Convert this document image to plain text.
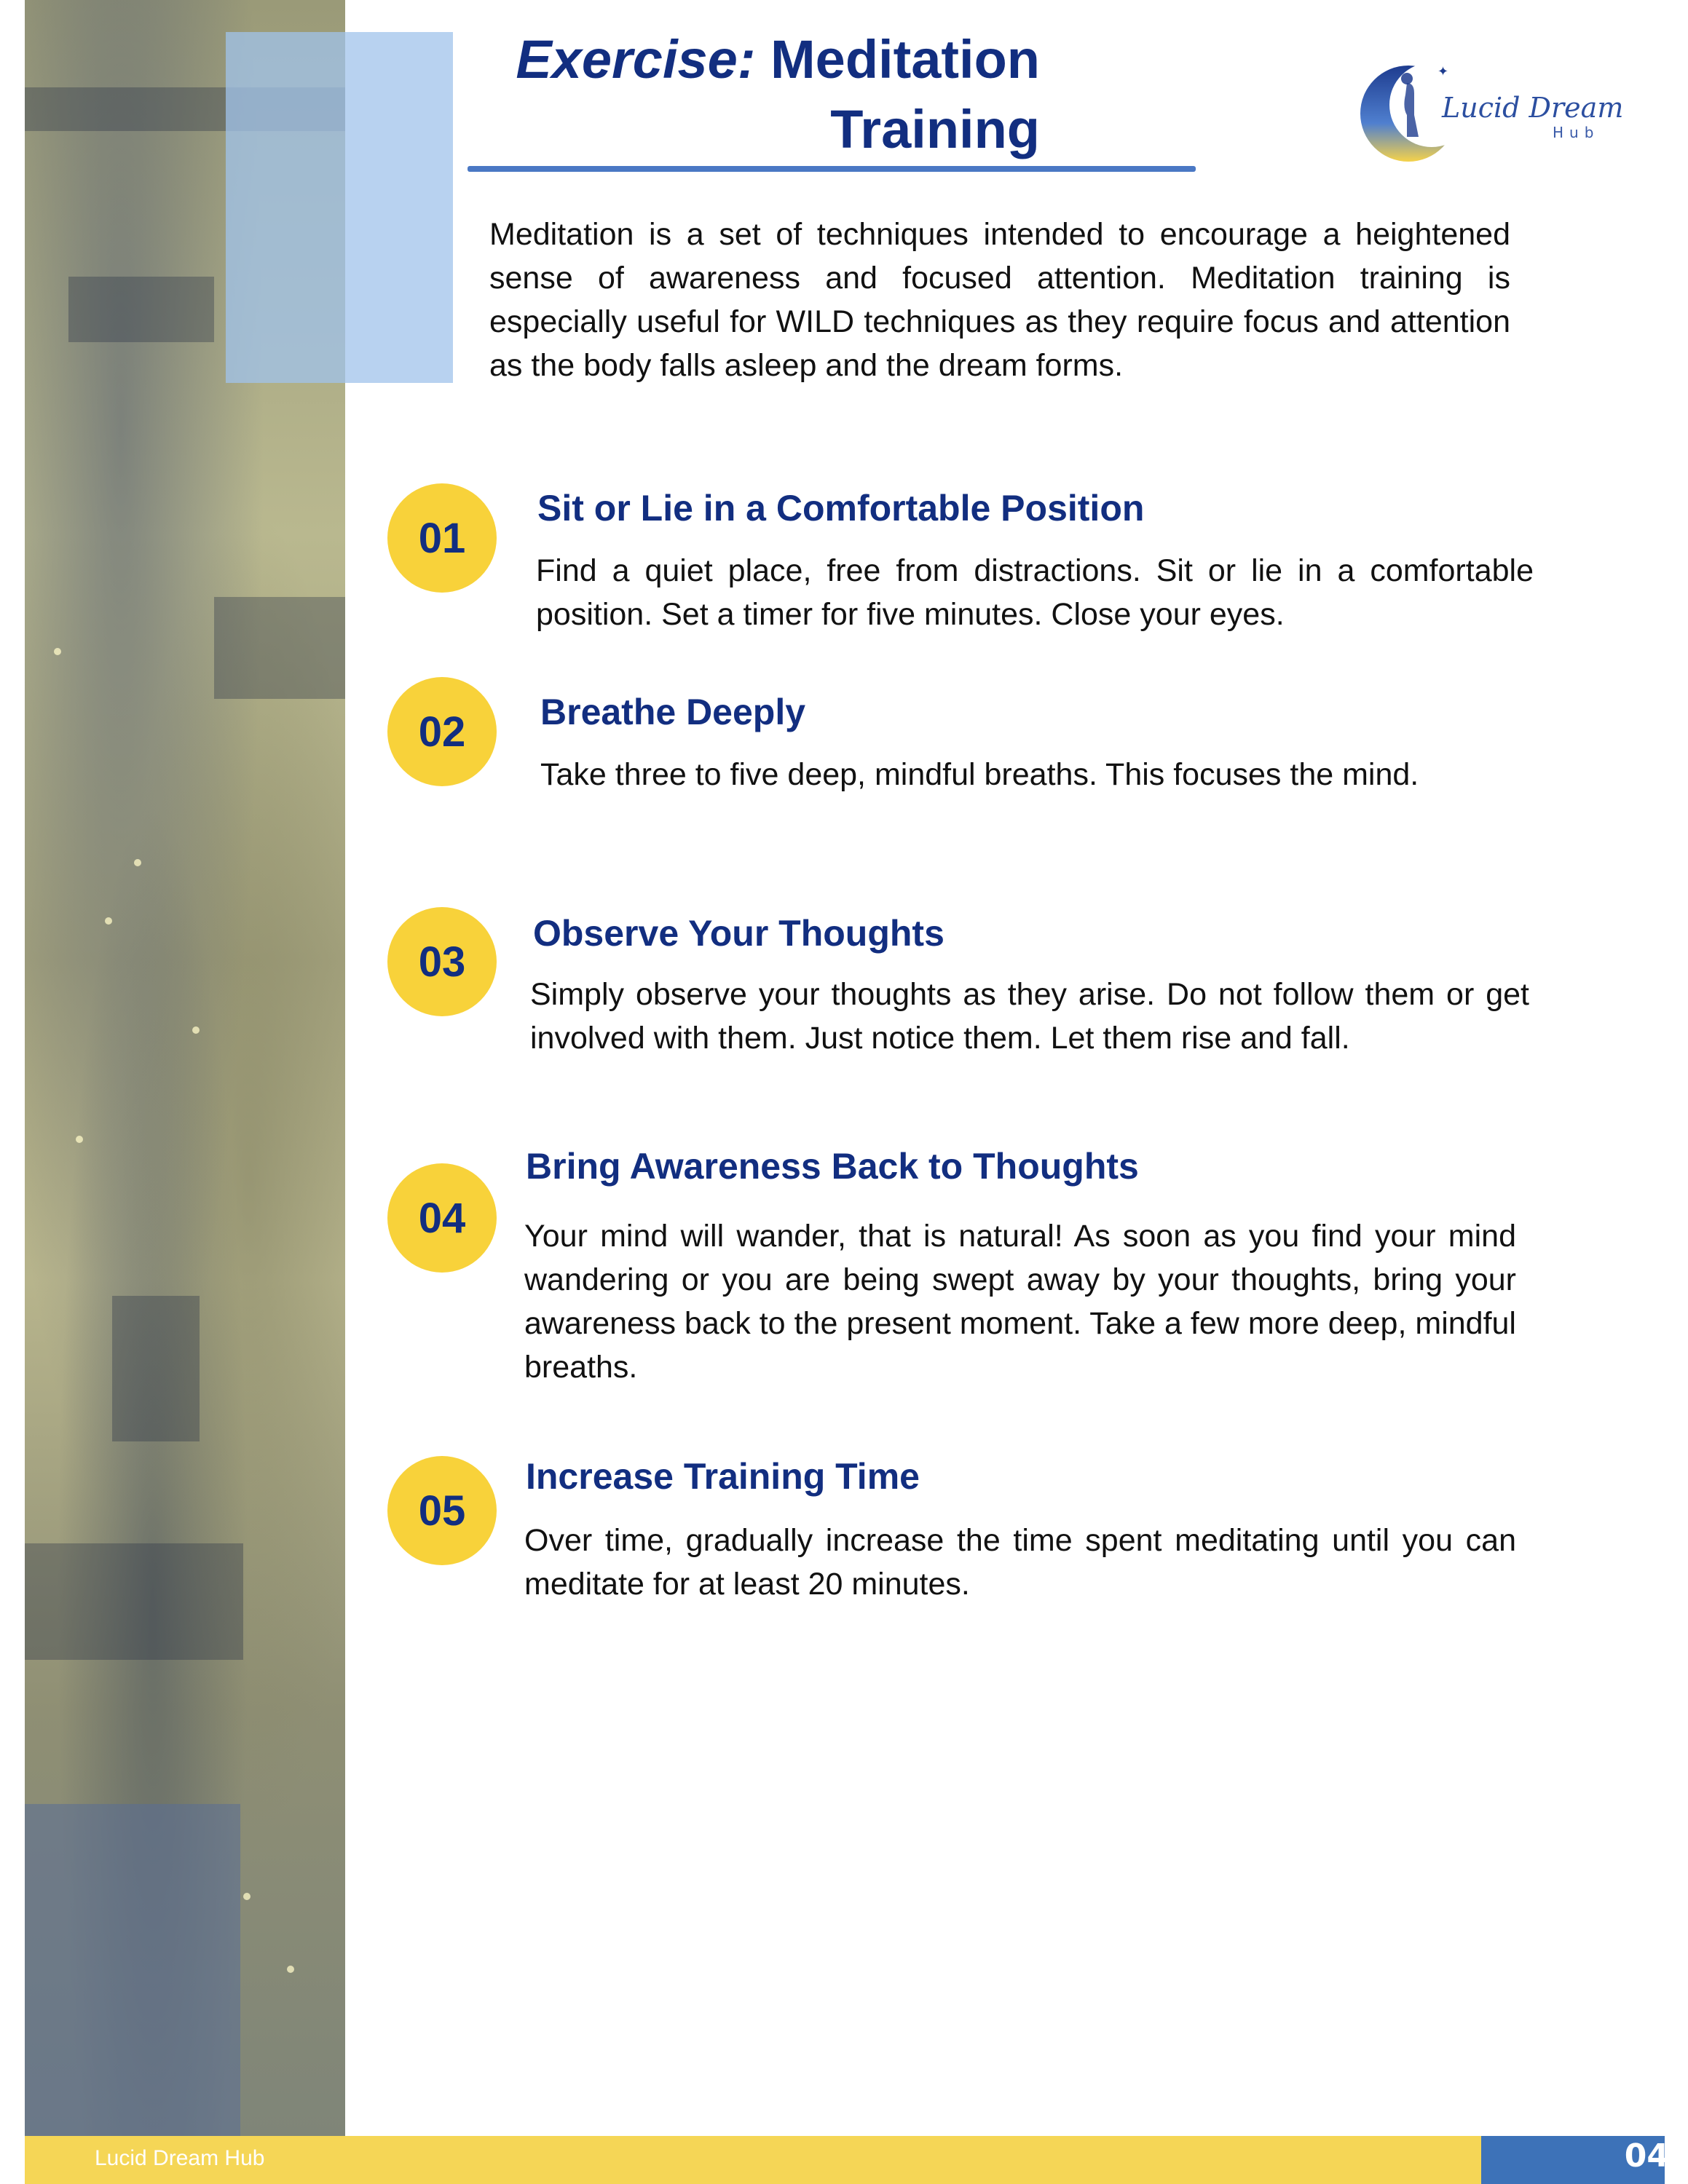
Exercise: Meditation
Training
✦
Lucid Dream
Hub

Meditation is a set of techniques intended to encourage a heightened sense of awareness and focused attention. Meditation training is especially useful for WILD techniques as they require focus and attention as the body falls asleep and the dream forms.

01
Sit or Lie in a Comfortable Position

Find a quiet place, free from distractions. Sit or lie in a comfortable position. Set a timer for five minutes. Close your eyes.

02	Breathe Deeply

Take three to five deep, mindful breaths. This focuses the mind.

03
Observe Your Thoughts

Simply observe your thoughts as they arise. Do not follow them or get involved with them. Just notice them. Let them rise and fall.

04
Bring Awareness Back to Thoughts

Your mind will wander, that is natural! As soon as you find your mind wandering or you are being swept away by your thoughts, bring your awareness back to the present moment. Take a few more deep, mindful breaths.

05
Increase Training Time

Over time, gradually increase the time spent meditating until you can meditate for at least 20 minutes.

Lucid Dream Hub	04
